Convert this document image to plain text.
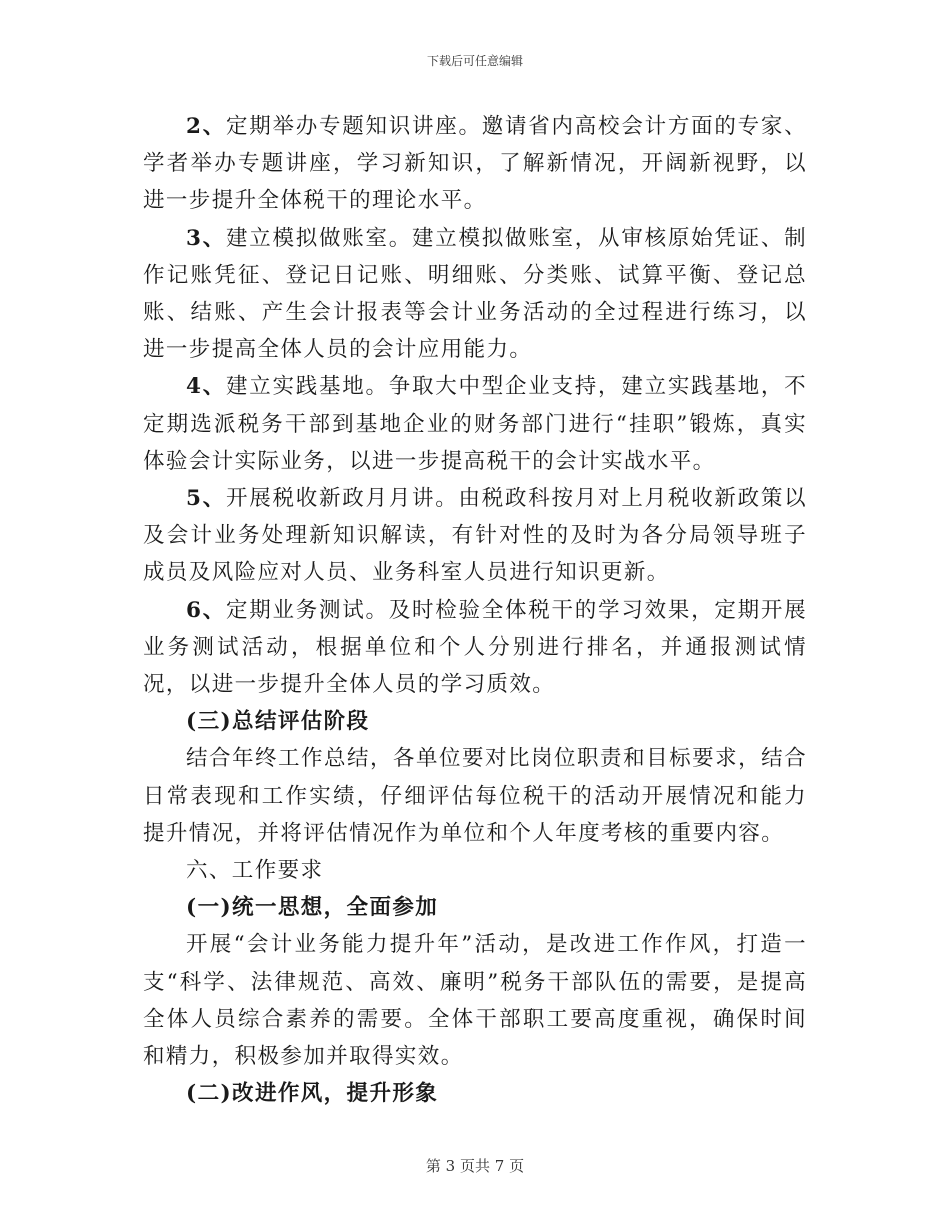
下载后可任意编辑

2、定期举办专题知识讲座。邀请省内高校会计方面的专家、学者举办专题讲座，学习新知识，了解新情况，开阔新视野，以进一步提升全体税干的理论水平。

3、建立模拟做账室。建立模拟做账室，从审核原始凭证、制作记账凭征、登记日记账、明细账、分类账、试算平衡、登记总账、结账、产生会计报表等会计业务活动的全过程进行练习，以进一步提高全体人员的会计应用能力。

4、建立实践基地。争取大中型企业支持，建立实践基地，不定期选派税务干部到基地企业的财务部门进行“挂职”锻炼，真实体验会计实际业务，以进一步提高税干的会计实战水平。

5、开展税收新政月月讲。由税政科按月对上月税收新政策以及会计业务处理新知识解读，有针对性的及时为各分局领导班子成员及风险应对人员、业务科室人员进行知识更新。

6、定期业务测试。及时检验全体税干的学习效果，定期开展业务测试活动，根据单位和个人分别进行排名，并通报测试情况，以进一步提升全体人员的学习质效。

(三)总结评估阶段

结合年终工作总结，各单位要对比岗位职责和目标要求，结合日常表现和工作实绩，仔细评估每位税干的活动开展情况和能力提升情况，并将评估情况作为单位和个人年度考核的重要内容。

六、工作要求

(一)统一思想，全面参加

开展“会计业务能力提升年”活动，是改进工作作风，打造一支“科学、法律规范、高效、廉明”税务干部队伍的需要，是提高全体人员综合素养的需要。全体干部职工要高度重视，确保时间和精力，积极参加并取得实效。

(二)改进作风，提升形象

第 3 页共 7 页
